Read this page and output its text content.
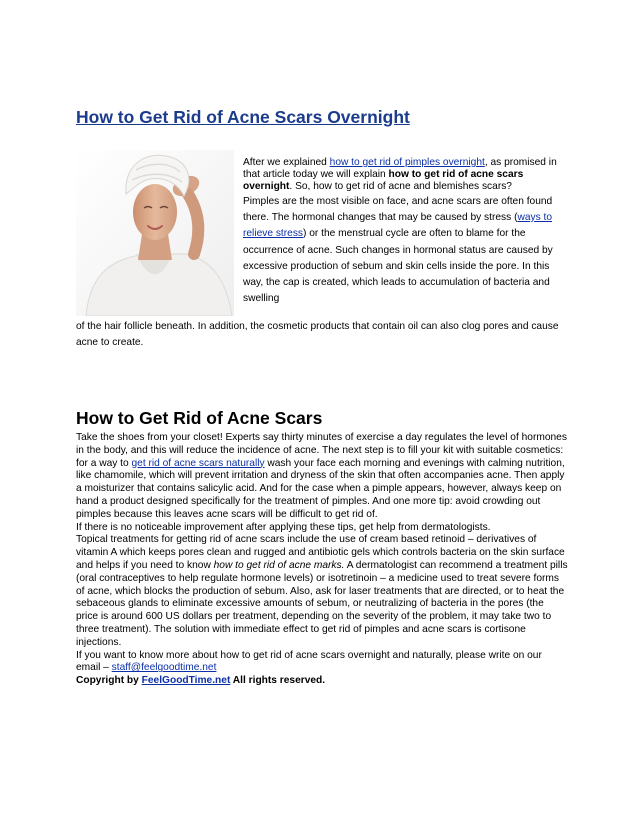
How to Get Rid of Acne Scars Overnight

After we explained how to get rid of pimples overnight, as promised in that article today we will explain how to get rid of acne scars overnight. So, how to get rid of acne and blemishes scars?

Pimples are the most visible on face, and acne scars are often found there. The hormonal changes that may be caused by stress (ways to relieve stress) or the menstrual cycle are often to blame for the occurrence of acne. Such changes in hormonal status are caused by excessive production of sebum and skin cells inside the pore. In this way, the cap is created, which leads to accumulation of bacteria and swelling

of the hair follicle beneath. In addition, the cosmetic products that contain oil can also clog pores and cause acne to create.

How to Get Rid of Acne Scars

Take the shoes from your closet! Experts say thirty minutes of exercise a day regulates the level of hormones in the body, and this will reduce the incidence of acne. The next step is to fill your kit with suitable cosmetics: for a way to get rid of acne scars naturally wash your face each morning and evenings with calming nutrition, like chamomile, which will prevent irritation and dryness of the skin that often accompanies acne. Then apply a moisturizer that contains salicylic acid. And for the case when a pimple appears, however, always keep on hand a product designed specifically for the treatment of pimples. And one more tip: avoid crowding out pimples because this leaves acne scars will be difficult to get rid of.

If there is no noticeable improvement after applying these tips, get help from dermatologists.

Topical treatments for getting rid of acne scars include the use of cream based retinoid – derivatives of vitamin A which keeps pores clean and rugged and antibiotic gels which controls bacteria on the skin surface and helps if you need to know how to get rid of acne marks. A dermatologist can recommend a treatment pills (oral contraceptives to help regulate hormone levels) or isotretinoin – a medicine used to treat severe forms of acne, which blocks the production of sebum. Also, ask for laser treatments that are directed, or to heat the sebaceous glands to eliminate excessive amounts of sebum, or neutralizing of bacteria in the pores (the price is around 600 US dollars per treatment, depending on the severity of the problem, it may take two to three treatment). The solution with immediate effect to get rid of pimples and acne scars is cortisone injections.

If you want to know more about how to get rid of acne scars overnight and naturally, please write on our email – staff@feelgoodtime.net

Copyright by FeelGoodTime.net All rights reserved.
